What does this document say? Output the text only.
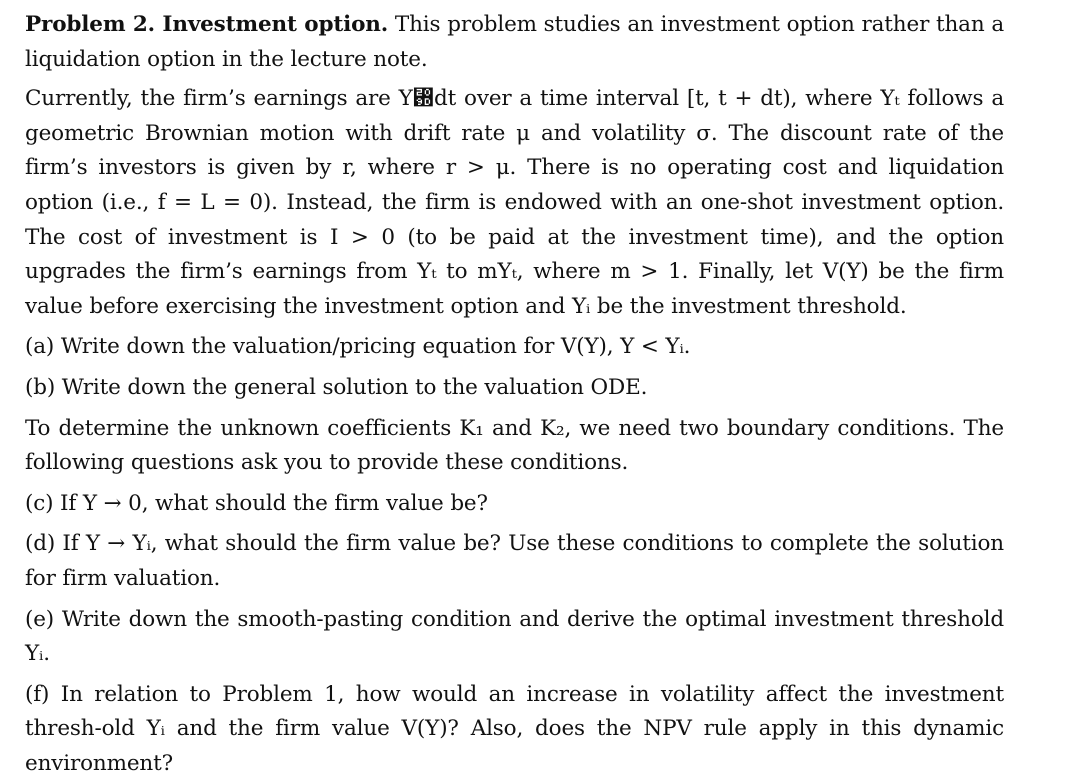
Problem 2. Investment option. This problem studies an investment option rather than a liquidation option in the lecture note.

Currently, the firm’s earnings are Y₝dt over a time interval [t, t + dt), where Yₜ follows a geometric Brownian motion with drift rate μ and volatility σ. The discount rate of the firm’s investors is given by r, where r > μ. There is no operating cost and liquidation option (i.e., f = L = 0). Instead, the firm is endowed with an one-shot investment option. The cost of investment is I > 0 (to be paid at the investment time), and the option upgrades the firm’s earnings from Yₜ to mYₜ, where m > 1. Finally, let V(Y) be the firm value before exercising the investment option and Yᵢ be the investment threshold.

(a) Write down the valuation/pricing equation for V(Y), Y < Yᵢ.

(b) Write down the general solution to the valuation ODE.

To determine the unknown coefficients K₁ and K₂, we need two boundary conditions. The following questions ask you to provide these conditions.

(c) If Y → 0, what should the firm value be?

(d) If Y → Yᵢ, what should the firm value be? Use these conditions to complete the solution for firm valuation.

(e) Write down the smooth-pasting condition and derive the optimal investment threshold Yᵢ.

(f) In relation to Problem 1, how would an increase in volatility affect the investment thresh-old Yᵢ and the firm value V(Y)? Also, does the NPV rule apply in this dynamic environment?
